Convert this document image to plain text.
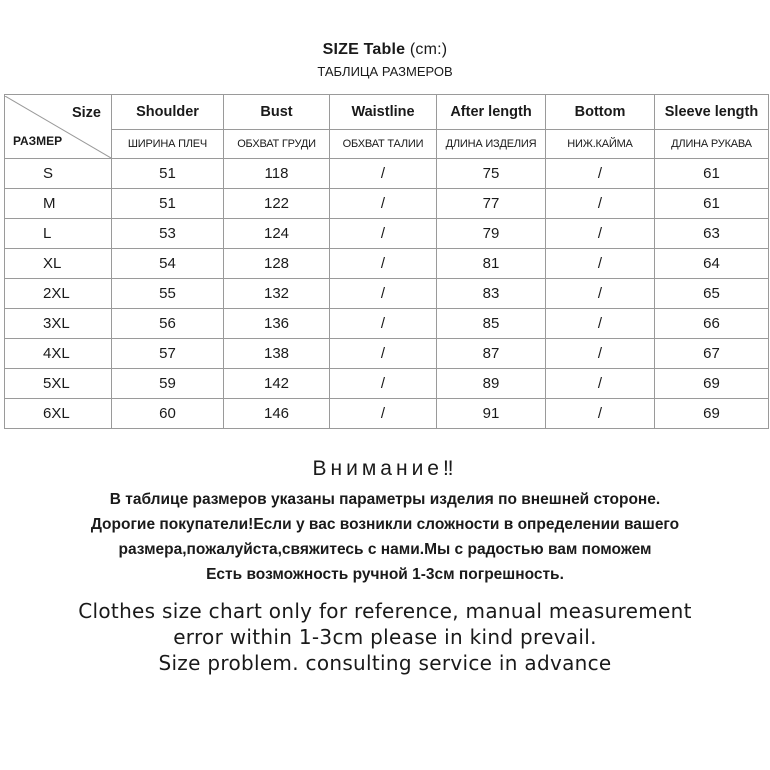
SIZE Table (cm:)
ТАБЛИЦА РАЗМЕРОВ
Size
РАЗМЕР	Shoulder	Bust	Waistline	After length	Bottom	Sleeve length
	ШИРИНА ПЛЕЧ	ОБХВАТ ГРУДИ	ОБХВАТ ТАЛИИ	ДЛИНА ИЗДЕЛИЯ	НИЖ.КАЙМА	ДЛИНА РУКАВА
S	51	118	/	75	/	61
M	51	122	/	77	/	61
L	53	124	/	79	/	63
XL	54	128	/	81	/	64
2XL	55	132	/	83	/	65
3XL	56	136	/	85	/	66
4XL	57	138	/	87	/	67
5XL	59	142	/	89	/	69
6XL	60	146	/	91	/	69
Внимание‼
В таблице размеров указаны параметры изделия по внешней стороне.
Дорогие покупатели!Если у вас возникли сложности в определении вашего
размера,пожалуйста,свяжитесь с нами.Мы с радостью вам поможем
Есть возможность ручной 1-3см погрешность.
Clothes size chart only for reference, manual measurement
error within 1-3cm please in kind prevail.
Size problem. consulting service in advance
